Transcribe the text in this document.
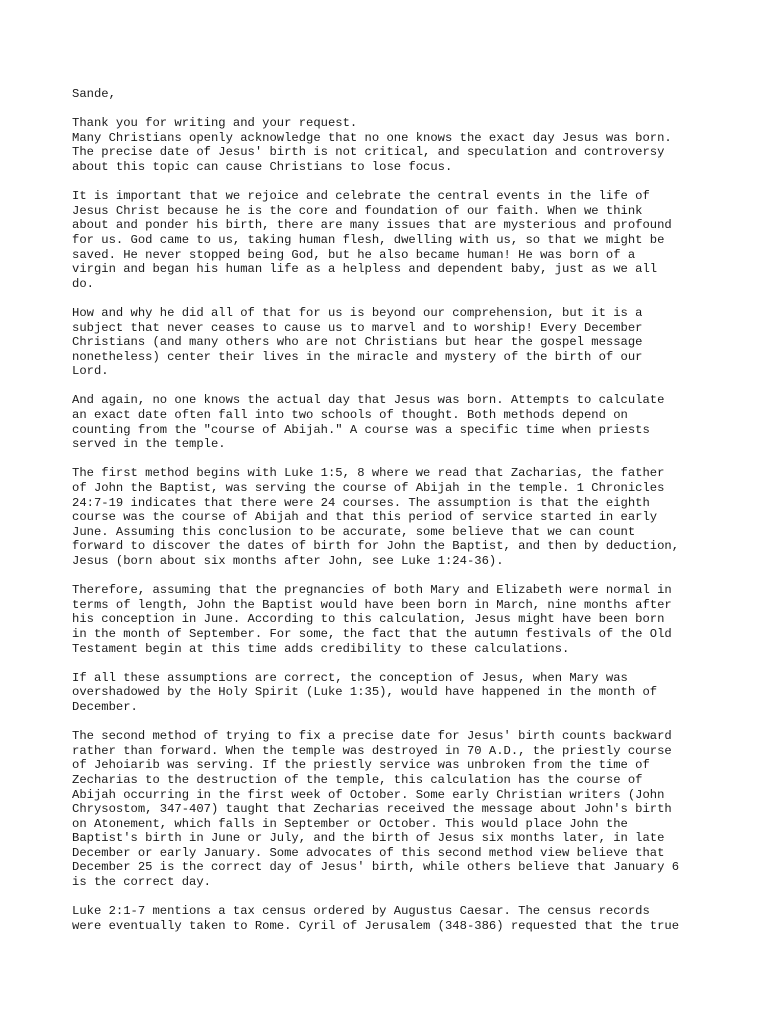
Sande,
Thank you for writing and your request.
Many Christians openly acknowledge that no one knows the exact day Jesus was born.
The precise date of Jesus' birth is not critical, and speculation and controversy
about this topic can cause Christians to lose focus.
It is important that we rejoice and celebrate the central events in the life of
Jesus Christ because he is the core and foundation of our faith. When we think
about and ponder his birth, there are many issues that are mysterious and profound
for us. God came to us, taking human flesh, dwelling with us, so that we might be
saved. He never stopped being God, but he also became human! He was born of a
virgin and began his human life as a helpless and dependent baby, just as we all
do.
How and why he did all of that for us is beyond our comprehension, but it is a
subject that never ceases to cause us to marvel and to worship! Every December
Christians (and many others who are not Christians but hear the gospel message
nonetheless) center their lives in the miracle and mystery of the birth of our
Lord.
And again, no one knows the actual day that Jesus was born. Attempts to calculate
an exact date often fall into two schools of thought. Both methods depend on
counting from the "course of Abijah." A course was a specific time when priests
served in the temple.
The first method begins with Luke 1:5, 8 where we read that Zacharias, the father
of John the Baptist, was serving the course of Abijah in the temple. 1 Chronicles
24:7-19 indicates that there were 24 courses. The assumption is that the eighth
course was the course of Abijah and that this period of service started in early
June. Assuming this conclusion to be accurate, some believe that we can count
forward to discover the dates of birth for John the Baptist, and then by deduction,
Jesus (born about six months after John, see Luke 1:24-36).
Therefore, assuming that the pregnancies of both Mary and Elizabeth were normal in
terms of length, John the Baptist would have been born in March, nine months after
his conception in June. According to this calculation, Jesus might have been born
in the month of September. For some, the fact that the autumn festivals of the Old
Testament begin at this time adds credibility to these calculations.
If all these assumptions are correct, the conception of Jesus, when Mary was
overshadowed by the Holy Spirit (Luke 1:35), would have happened in the month of
December.
The second method of trying to fix a precise date for Jesus' birth counts backward
rather than forward. When the temple was destroyed in 70 A.D., the priestly course
of Jehoiarib was serving. If the priestly service was unbroken from the time of
Zecharias to the destruction of the temple, this calculation has the course of
Abijah occurring in the first week of October. Some early Christian writers (John
Chrysostom, 347-407) taught that Zecharias received the message about John's birth
on Atonement, which falls in September or October. This would place John the
Baptist's birth in June or July, and the birth of Jesus six months later, in late
December or early January. Some advocates of this second method view believe that
December 25 is the correct day of Jesus' birth, while others believe that January 6
is the correct day.
Luke 2:1-7 mentions a tax census ordered by Augustus Caesar. The census records
were eventually taken to Rome. Cyril of Jerusalem (348-386) requested that the true
